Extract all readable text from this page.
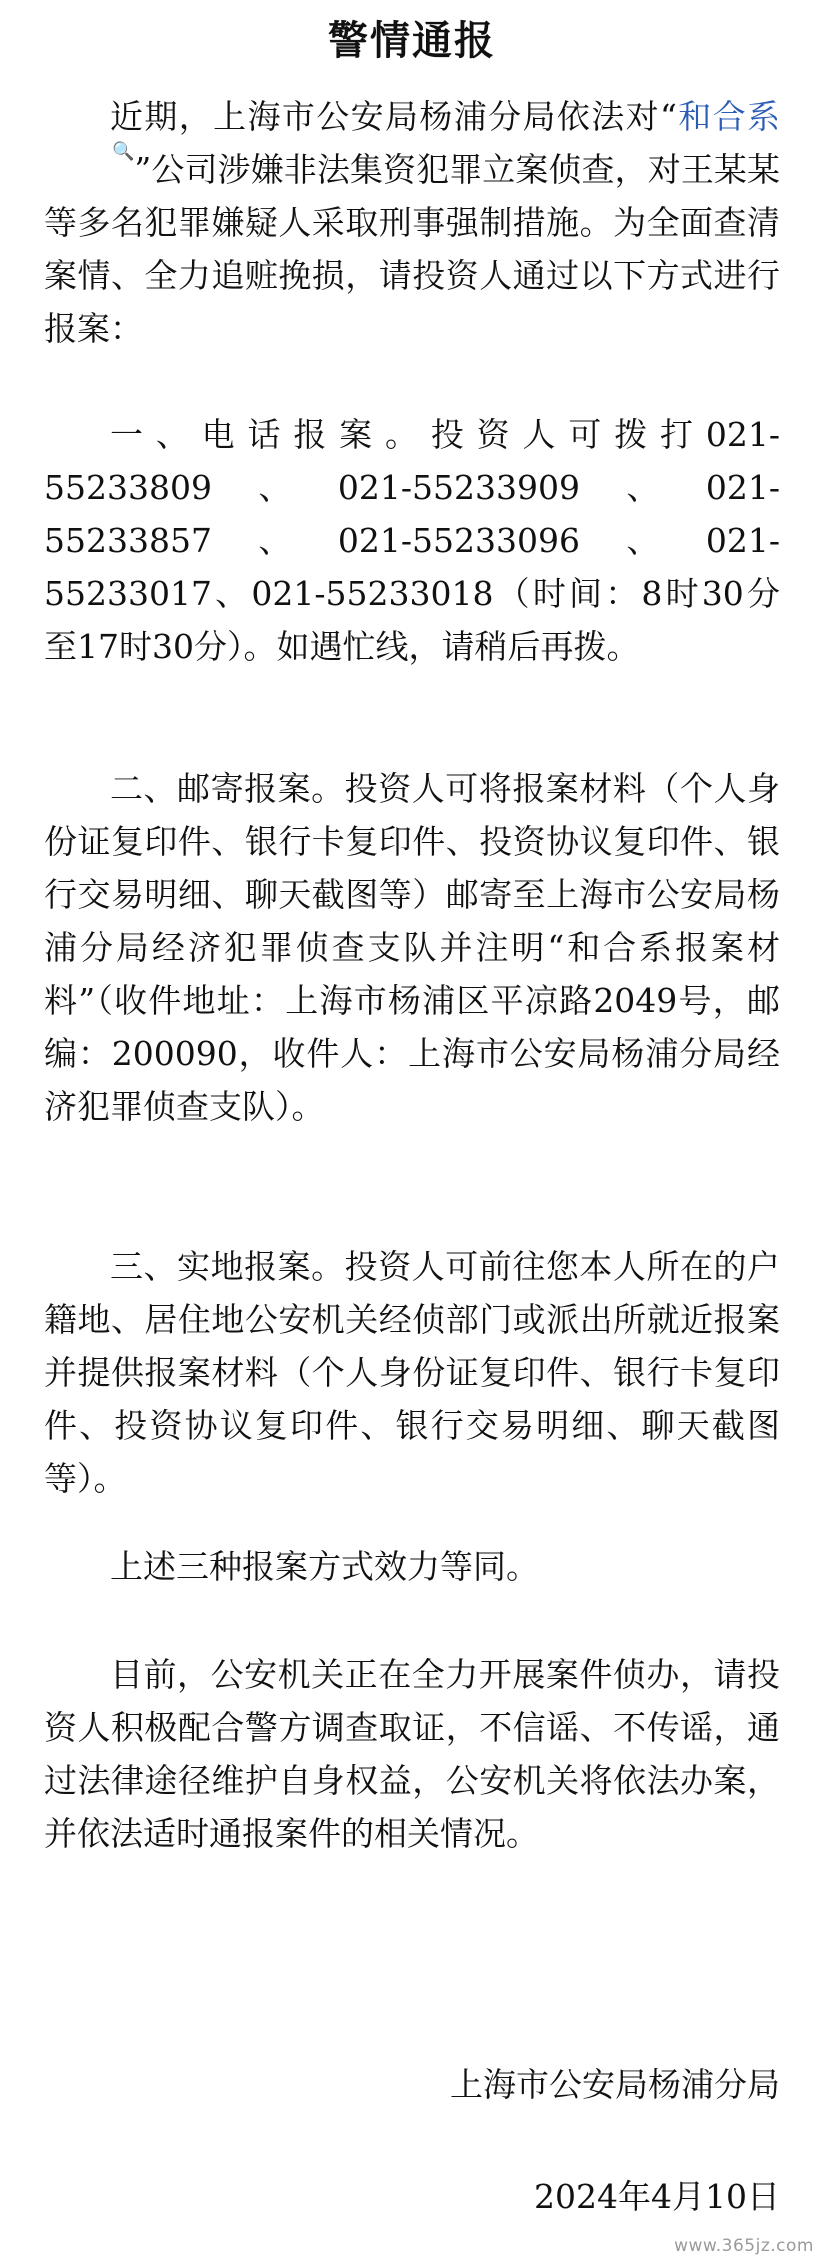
警情通报

近期，上海市公安局杨浦分局依法对“和合系🔍”公司涉嫌非法集资犯罪立案侦查，对王某某等多名犯罪嫌疑人采取刑事强制措施。为全面查清案情、全力追赃挽损，请投资人通过以下方式进行报案：

一、电话报案。投资人可拨打021-55233809、021-55233909、021-55233857、021-55233096、021-55233017、021-55233018（时间：8时30分至17时30分）。如遇忙线，请稍后再拨。

二、邮寄报案。投资人可将报案材料（个人身份证复印件、银行卡复印件、投资协议复印件、银行交易明细、聊天截图等）邮寄至上海市公安局杨浦分局经济犯罪侦查支队并注明“和合系报案材料”（收件地址：上海市杨浦区平凉路2049号，邮编：200090，收件人：上海市公安局杨浦分局经济犯罪侦查支队）。

三、实地报案。投资人可前往您本人所在的户籍地、居住地公安机关经侦部门或派出所就近报案并提供报案材料（个人身份证复印件、银行卡复印件、投资协议复印件、银行交易明细、聊天截图等）。

上述三种报案方式效力等同。

目前，公安机关正在全力开展案件侦办，请投资人积极配合警方调查取证，不信谣、不传谣，通过法律途径维护自身权益，公安机关将依法办案，并依法适时通报案件的相关情况。

上海市公安局杨浦分局
2024年4月10日
www.365jz.com
